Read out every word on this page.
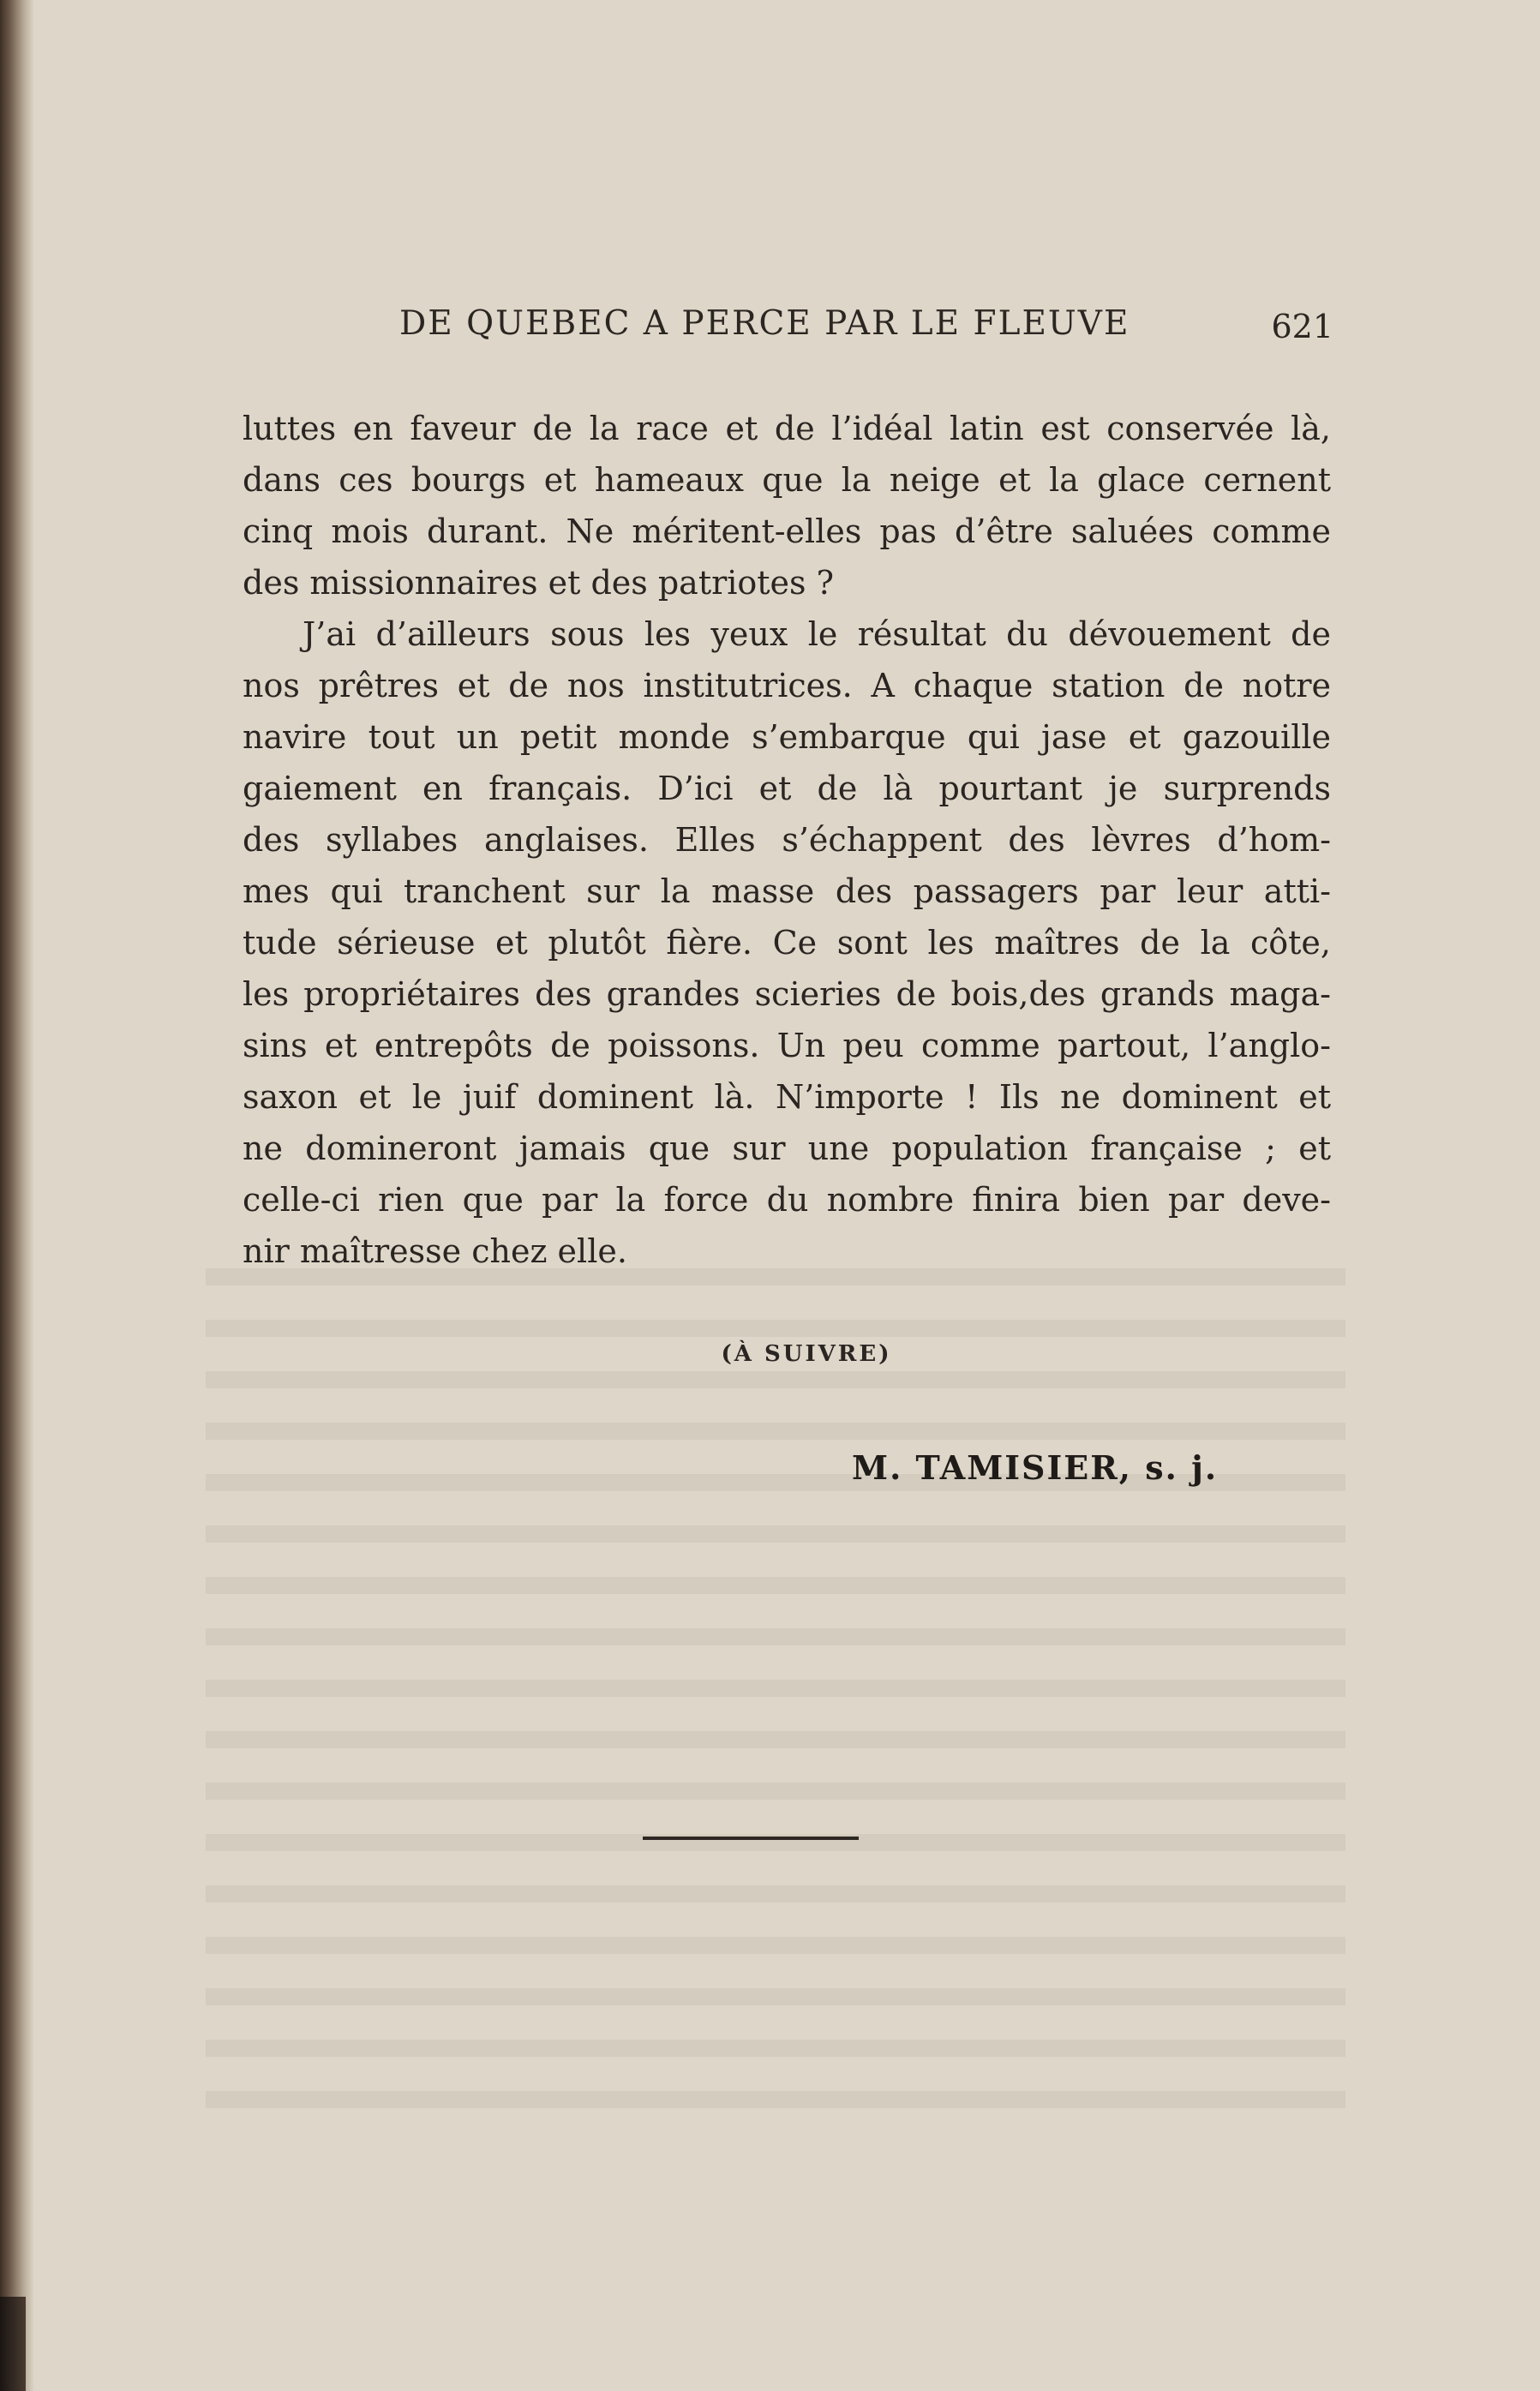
DE QUEBEC A PERCE PAR LE FLEUVE	621
luttes en faveur de la race et de l’idéal latin est conservée là,
dans ces bourgs et hameaux que la neige et la glace cernent
cinq mois durant. Ne méritent-elles pas d’être saluées comme
des missionnaires et des patriotes ?
J’ai d’ailleurs sous les yeux le résultat du dévouement de
nos prêtres et de nos institutrices. A chaque station de notre
navire tout un petit monde s’embarque qui jase et gazouille
gaiement en français. D’ici et de là pourtant je surprends
des syllabes anglaises. Elles s’échappent des lèvres d’hom-
mes qui tranchent sur la masse des passagers par leur atti-
tude sérieuse et plutôt fière. Ce sont les maîtres de la côte,
les propriétaires des grandes scieries de bois,des grands maga-
sins et entrepôts de poissons. Un peu comme partout, l’anglo-
saxon et le juif dominent là. N’importe ! Ils ne dominent et
ne domineront jamais que sur une population française ; et
celle-ci rien que par la force du nombre finira bien par deve-
nir maîtresse chez elle.
(À SUIVRE)
M. TAMISIER, s. j.
